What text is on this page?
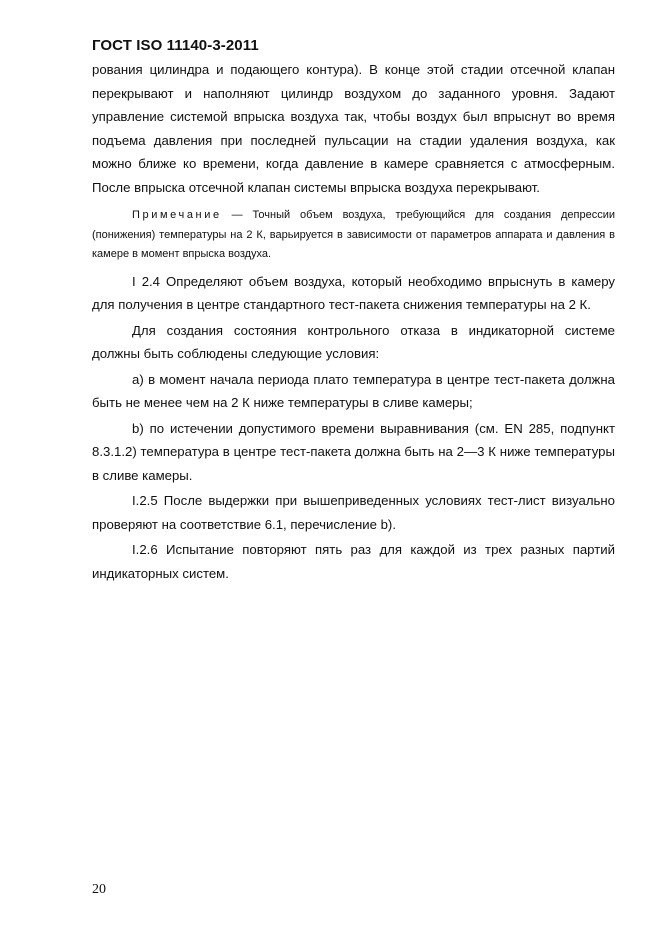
ГОСТ ISO 11140-3-2011

рования цилиндра и подающего контура). В конце этой стадии отсечной клапан перекрывают и наполняют цилиндр воздухом до заданного уровня. Задают управление системой впрыска воздуха так, чтобы воздух был впрыснут во время подъема давления при последней пульсации на стадии удаления воздуха, как можно ближе ко времени, когда давление в камере сравняется с атмосферным. После впрыска отсечной клапан системы впрыска воздуха перекрывают.

Примечание — Точный объем воздуха, требующийся для создания депрессии (понижения) температуры на 2 К, варьируется в зависимости от параметров аппарата и давления в камере в момент впрыска воздуха.

I 2.4 Определяют объем воздуха, который необходимо впрыснуть в камеру для получения в центре стандартного тест-пакета снижения температуры на 2 К.

Для создания состояния контрольного отказа в индикаторной системе должны быть соблюдены следующие условия:

a) в момент начала периода плато температура в центре тест-пакета должна быть не менее чем на 2 К ниже температуры в сливе камеры;

b) по истечении допустимого времени выравнивания (см. EN 285, подпункт 8.3.1.2) температура в центре тест-пакета должна быть на 2—3 К ниже температуры в сливе камеры.

I.2.5 После выдержки при вышеприведенных условиях тест-лист визуально проверяют на соответствие 6.1, перечисление b).

I.2.6 Испытание повторяют пять раз для каждой из трех разных партий индикаторных систем.

20
